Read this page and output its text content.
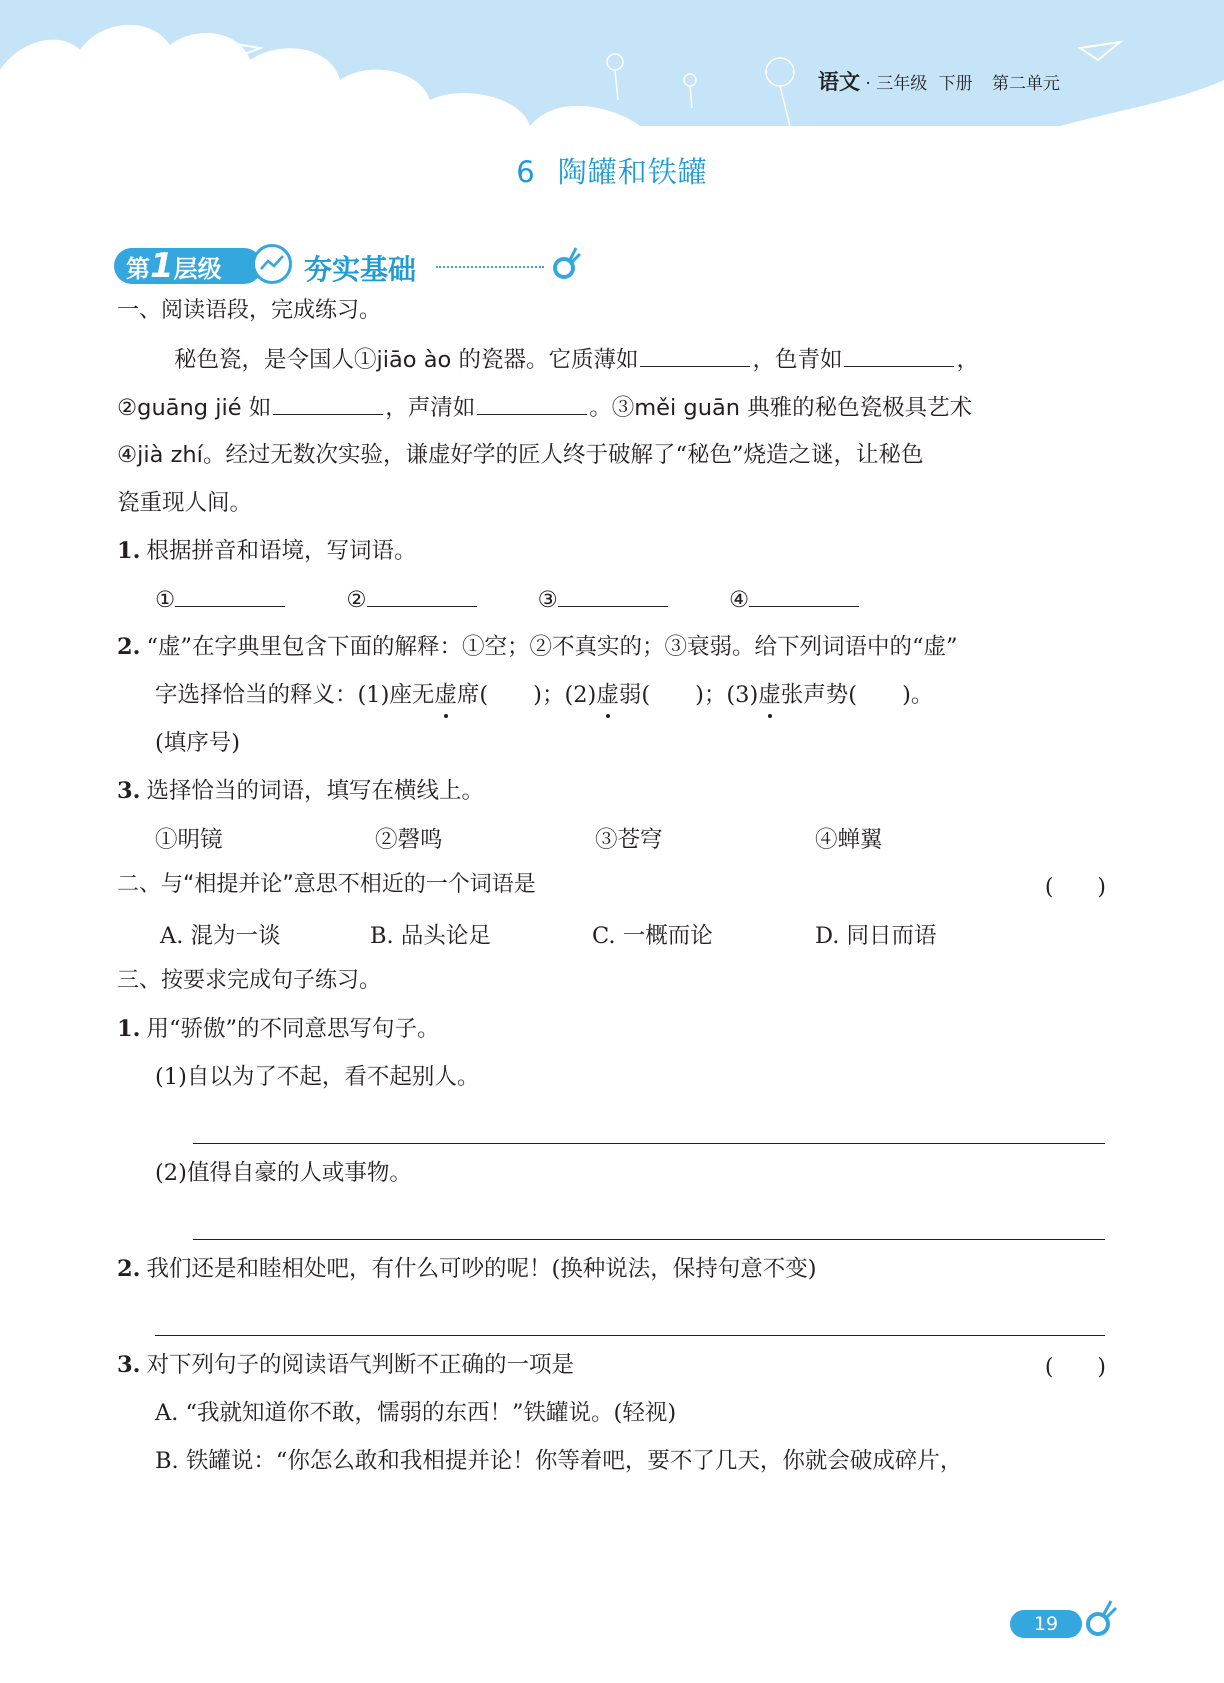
语文 · 三年级 下册 第二单元
6 陶罐和铁罐
第1层级	夯实基础
一、阅读语段，完成练习。
秘色瓷，是令国人①jiāo ào 的瓷器。它质薄如	，色青如	，
②guāng jié 如	，声清如	。③měi guān 典雅的秘色瓷极具艺术
④jià zhí。经过无数次实验，谦虚好学的匠人终于破解了“秘色”烧造之谜，让秘色
瓷重现人间。
1. 根据拼音和语境，写词语。
①	②	③	④
2. “虚”在字典里包含下面的解释：①空；②不真实的；③衰弱。给下列词语中的“虚”
字选择恰当的释义：(1)座无虚席(　　)；(2)虚弱(　　)；(3)虚张声势(　　)。
(填序号)
3. 选择恰当的词语，填写在横线上。
①明镜	②磬鸣	③苍穹	④蝉翼
二、与“相提并论”意思不相近的一个词语是	(　　)
A. 混为一谈	B. 品头论足	C. 一概而论	D. 同日而语
三、按要求完成句子练习。
1. 用“骄傲”的不同意思写句子。
(1)自以为了不起，看不起别人。
(2)值得自豪的人或事物。
2. 我们还是和睦相处吧，有什么可吵的呢！(换种说法，保持句意不变)
3. 对下列句子的阅读语气判断不正确的一项是	(　　)
A. “我就知道你不敢，懦弱的东西！”铁罐说。(轻视)
B. 铁罐说：“你怎么敢和我相提并论！你等着吧，要不了几天，你就会破成碎片，
19
